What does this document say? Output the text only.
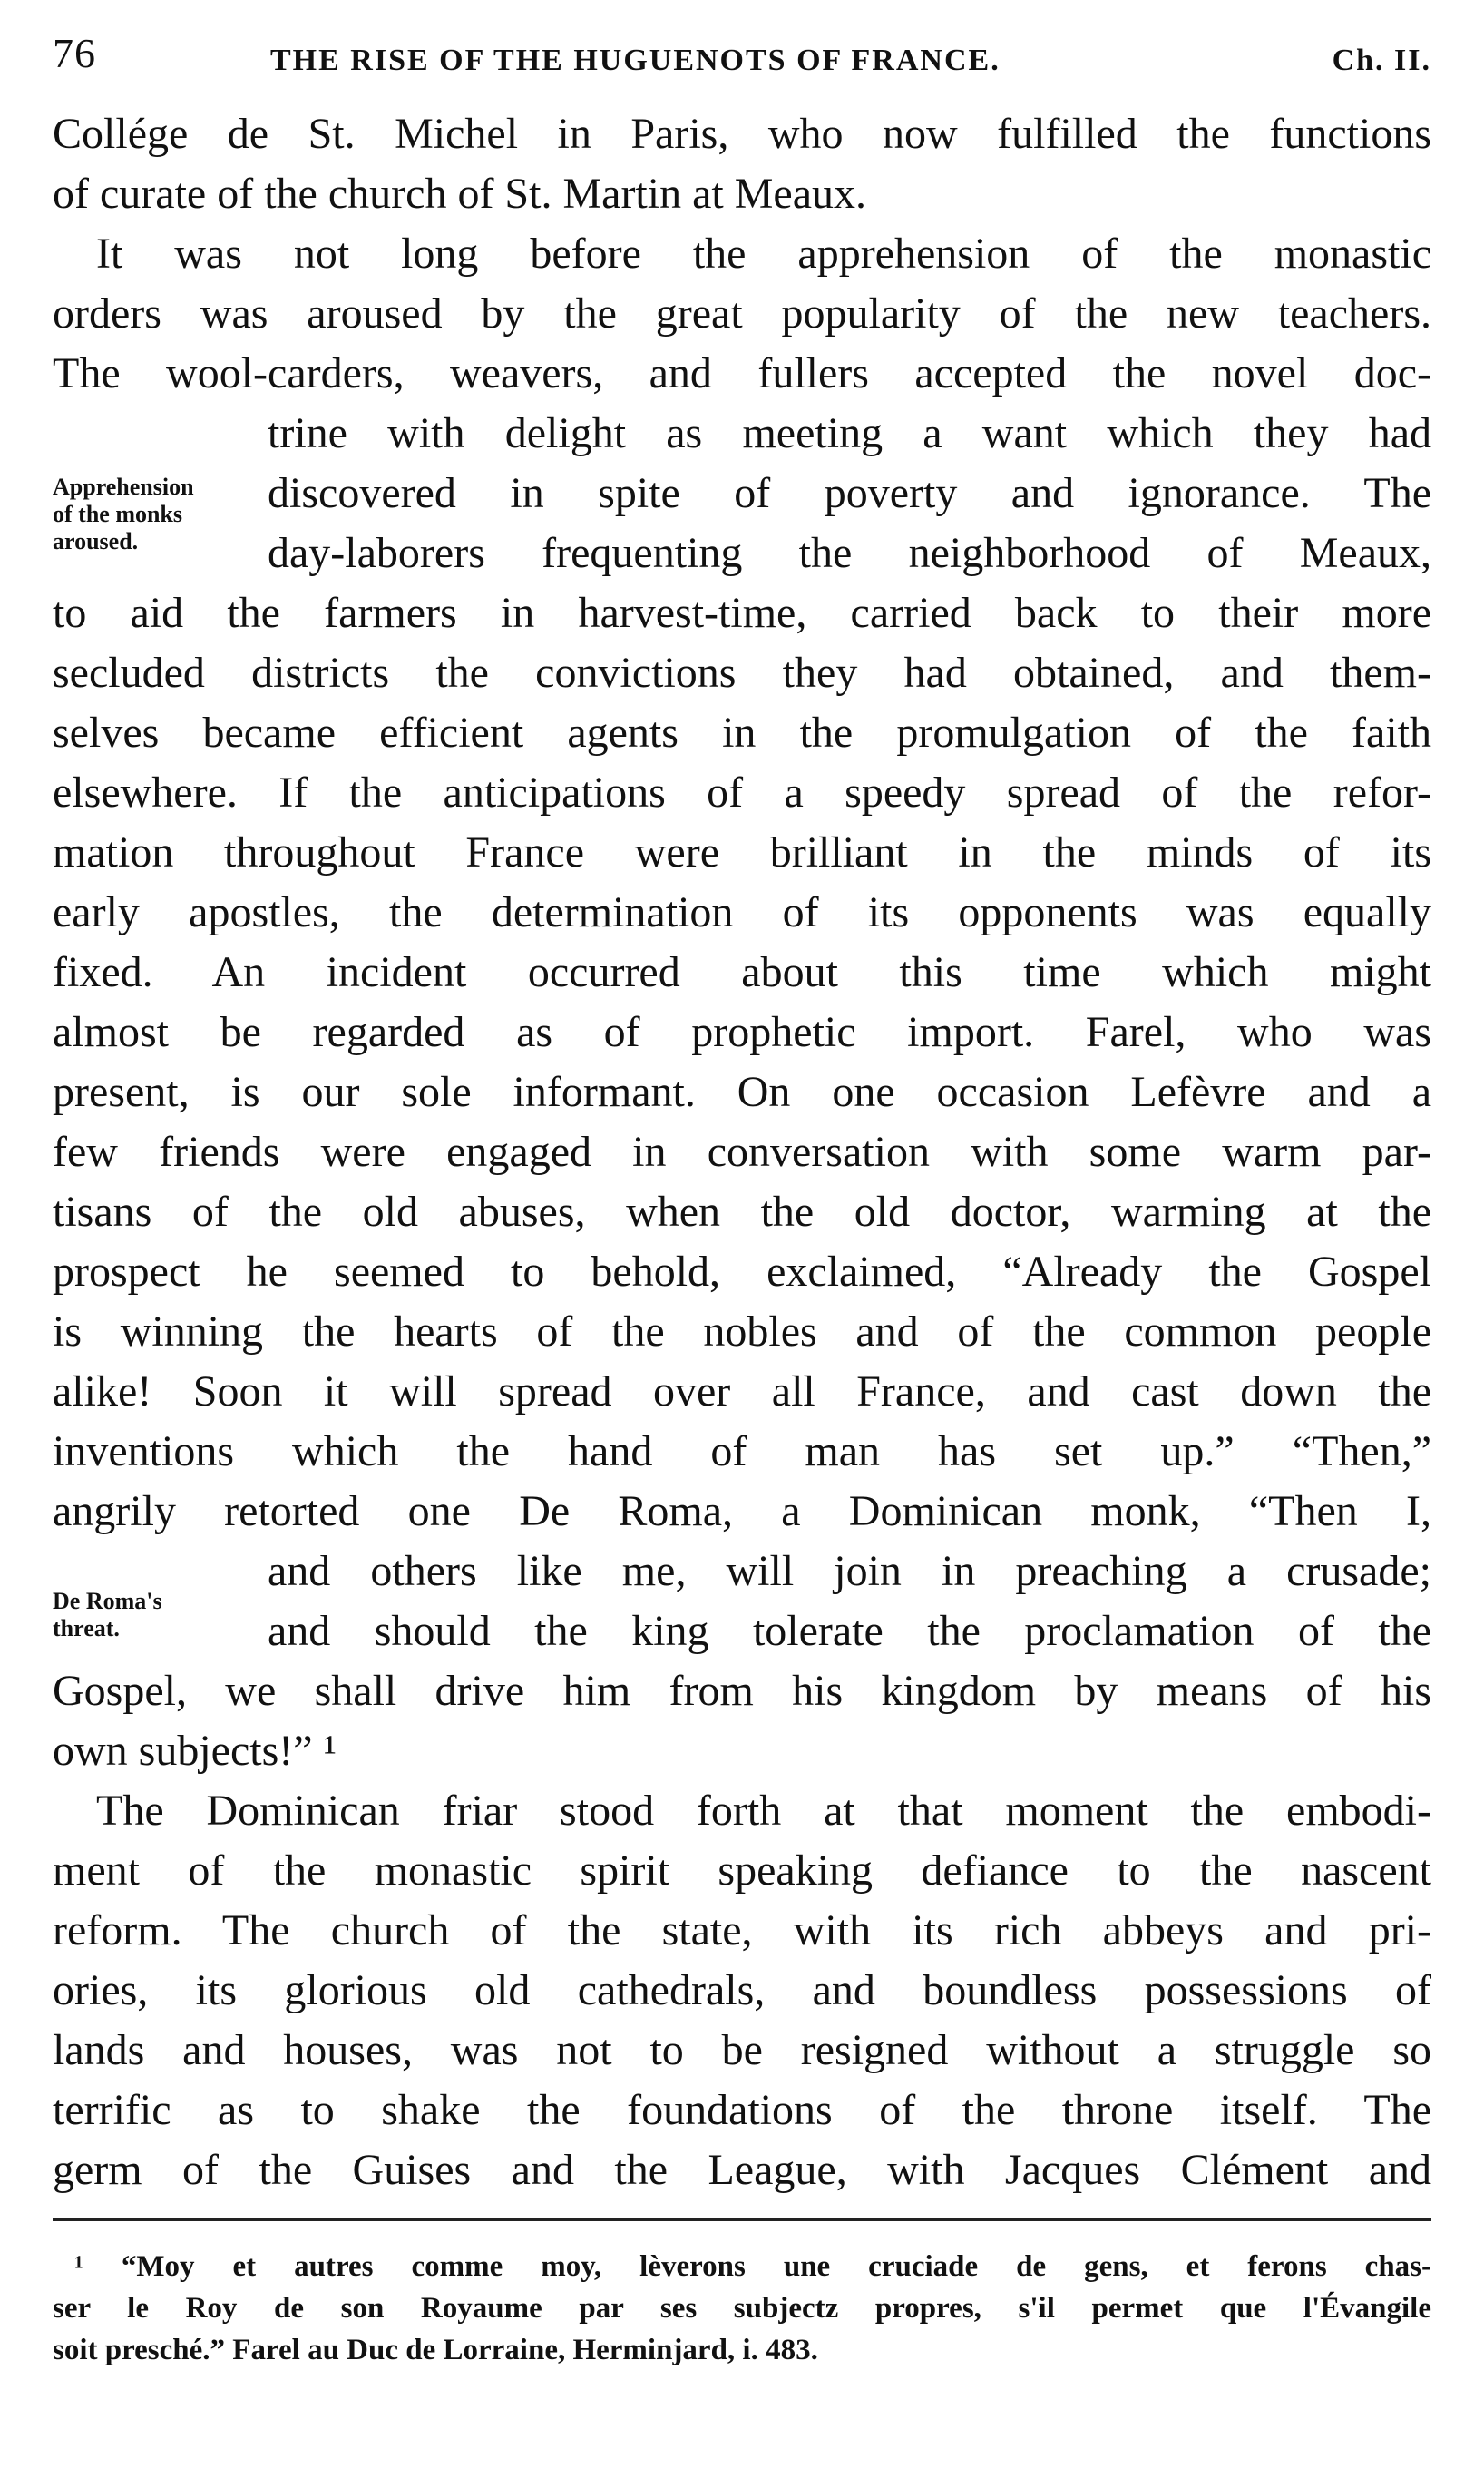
76	THE RISE OF THE HUGUENOTS OF FRANCE.	Ch. II.
Collége de St. Michel in Paris, who now fulfilled the functions
of curate of the church of St. Martin at Meaux.
It was not long before the apprehension of the monastic
orders was aroused by the great popularity of the new teachers.
The wool-carders, weavers, and fullers accepted the novel doc-
Apprehension
of the monks
aroused.
trine with delight as meeting a want which they had
discovered in spite of poverty and ignorance. The
day-laborers frequenting the neighborhood of Meaux,
to aid the farmers in harvest-time, carried back to their more
secluded districts the convictions they had obtained, and them-
selves became efficient agents in the promulgation of the faith
elsewhere. If the anticipations of a speedy spread of the refor-
mation throughout France were brilliant in the minds of its
early apostles, the determination of its opponents was equally
fixed. An incident occurred about this time which might
almost be regarded as of prophetic import. Farel, who was
present, is our sole informant. On one occasion Lefèvre and a
few friends were engaged in conversation with some warm par-
tisans of the old abuses, when the old doctor, warming at the
prospect he seemed to behold, exclaimed, “Already the Gospel
is winning the hearts of the nobles and of the common people
alike! Soon it will spread over all France, and cast down the
inventions which the hand of man has set up.” “Then,”
angrily retorted one De Roma, a Dominican monk, “Then I,
De Roma's
threat.
and others like me, will join in preaching a crusade;
and should the king tolerate the proclamation of the
Gospel, we shall drive him from his kingdom by means of his
own subjects!” ¹
The Dominican friar stood forth at that moment the embodi-
ment of the monastic spirit speaking defiance to the nascent
reform. The church of the state, with its rich abbeys and pri-
ories, its glorious old cathedrals, and boundless possessions of
lands and houses, was not to be resigned without a struggle so
terrific as to shake the foundations of the throne itself. The
germ of the Guises and the League, with Jacques Clément and
¹ “Moy et autres comme moy, lèverons une cruciade de gens, et ferons chas-
ser le Roy de son Royaume par ses subjectz propres, s'il permet que l'Évangile
soit presché.” Farel au Duc de Lorraine, Herminjard, i. 483.
